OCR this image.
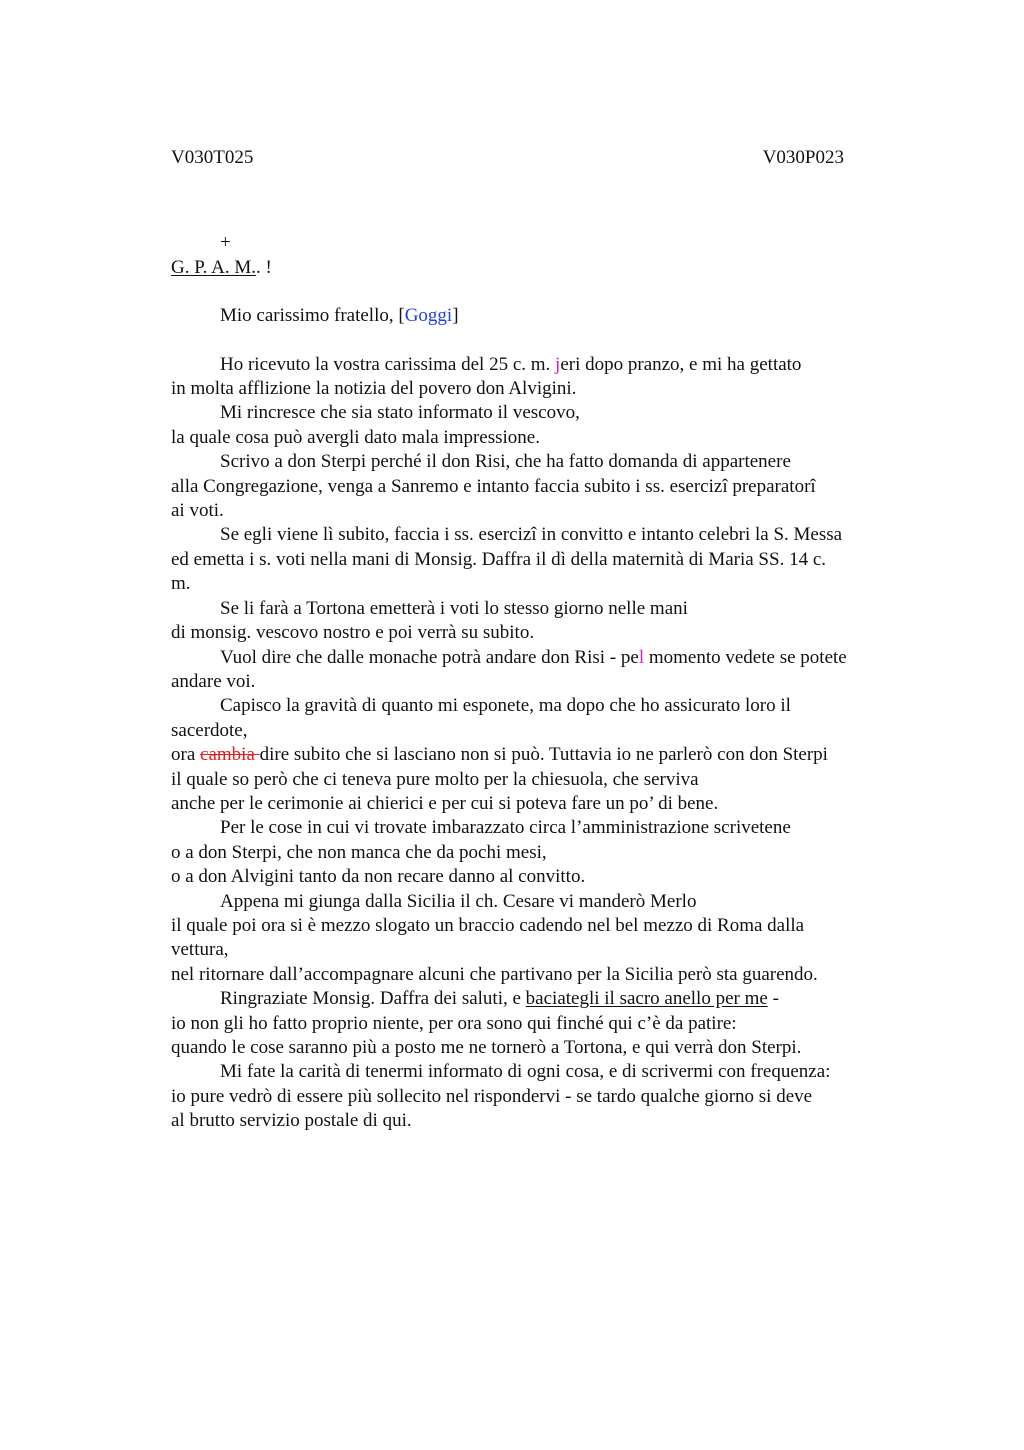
V030T025	V030P023
+
G. P. A. M.. !
Mio carissimo fratello, [Goggi]
Ho ricevuto la vostra carissima del 25 c. m. jeri dopo pranzo, e mi ha gettato
in molta afflizione la notizia del povero don Alvigini.
Mi rincresce che sia stato informato il vescovo,
la quale cosa può avergli dato mala impressione.
Scrivo a don Sterpi perché il don Risi, che ha fatto domanda di appartenere
alla Congregazione, venga a Sanremo e intanto faccia subito i ss. esercizî preparatorî
ai voti.
Se egli viene lì subito, faccia i ss. esercizî in convitto e intanto celebri la S. Messa
ed emetta i s. voti nella mani di Monsig. Daffra il dì della maternità di Maria SS. 14 c.
m.
Se li farà a Tortona emetterà i voti lo stesso giorno nelle mani
di monsig. vescovo nostro e poi verrà su subito.
Vuol dire che dalle monache potrà andare don Risi - pel momento vedete se potete
andare voi.
Capisco la gravità di quanto mi esponete, ma dopo che ho assicurato loro il
sacerdote,
ora cambia dire subito che si lasciano non si può. Tuttavia io ne parlerò con don Sterpi
il quale so però che ci teneva pure molto per la chiesuola, che serviva
anche per le cerimonie ai chierici e per cui si poteva fare un po’ di bene.
Per le cose in cui vi trovate imbarazzato circa l’amministrazione scrivetene
o a don Sterpi, che non manca che da pochi mesi,
o a don Alvigini tanto da non recare danno al convitto.
Appena mi giunga dalla Sicilia il ch. Cesare vi manderò Merlo
il quale poi ora si è mezzo slogato un braccio cadendo nel bel mezzo di Roma dalla
vettura,
nel ritornare dall’accompagnare alcuni che partivano per la Sicilia però sta guarendo.
Ringraziate Monsig. Daffra dei saluti, e baciategli il sacro anello per me -
io non gli ho fatto proprio niente, per ora sono qui finché qui c’è da patire:
quando le cose saranno più a posto me ne tornerò a Tortona, e qui verrà don Sterpi.
Mi fate la carità di tenermi informato di ogni cosa, e di scrivermi con frequenza:
io pure vedrò di essere più sollecito nel rispondervi - se tardo qualche giorno si deve
al brutto servizio postale di qui.
